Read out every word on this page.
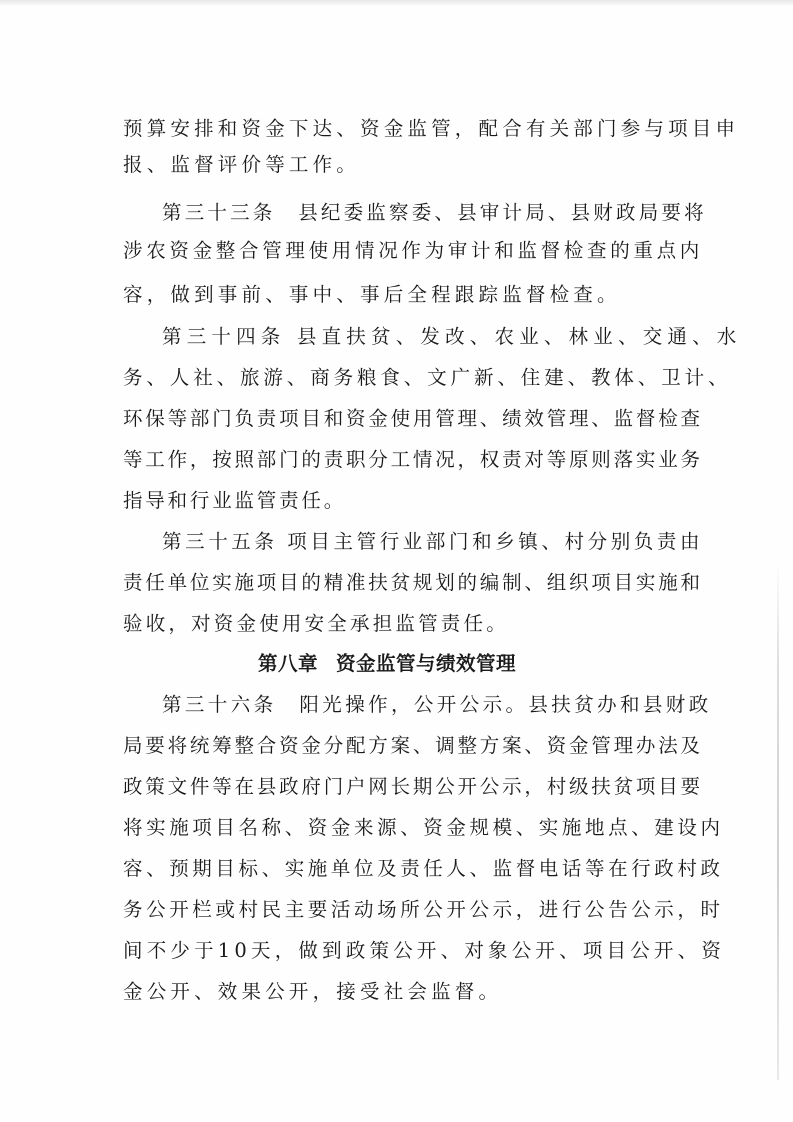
预算安排和资金下达、资金监管，配合有关部门参与项目申
报、监督评价等工作。
第三十三条　县纪委监察委、县审计局、县财政局要将
涉农资金整合管理使用情况作为审计和监督检查的重点内
容，做到事前、事中、事后全程跟踪监督检查。
第三十四条 县直扶贫、发改、农业、林业、交通、水
务、人社、旅游、商务粮食、文广新、住建、教体、卫计、
环保等部门负责项目和资金使用管理、绩效管理、监督检查
等工作，按照部门的责职分工情况，权责对等原则落实业务
指导和行业监管责任。
第三十五条 项目主管行业部门和乡镇、村分别负责由
责任单位实施项目的精准扶贫规划的编制、组织项目实施和
验收，对资金使用安全承担监管责任。
第八章 资金监管与绩效管理
第三十六条　阳光操作，公开公示。县扶贫办和县财政
局要将统筹整合资金分配方案、调整方案、资金管理办法及
政策文件等在县政府门户网长期公开公示，村级扶贫项目要
将实施项目名称、资金来源、资金规模、实施地点、建设内
容、预期目标、实施单位及责任人、监督电话等在行政村政
务公开栏或村民主要活动场所公开公示，进行公告公示，时
间不少于10天，做到政策公开、对象公开、项目公开、资
金公开、效果公开，接受社会监督。
